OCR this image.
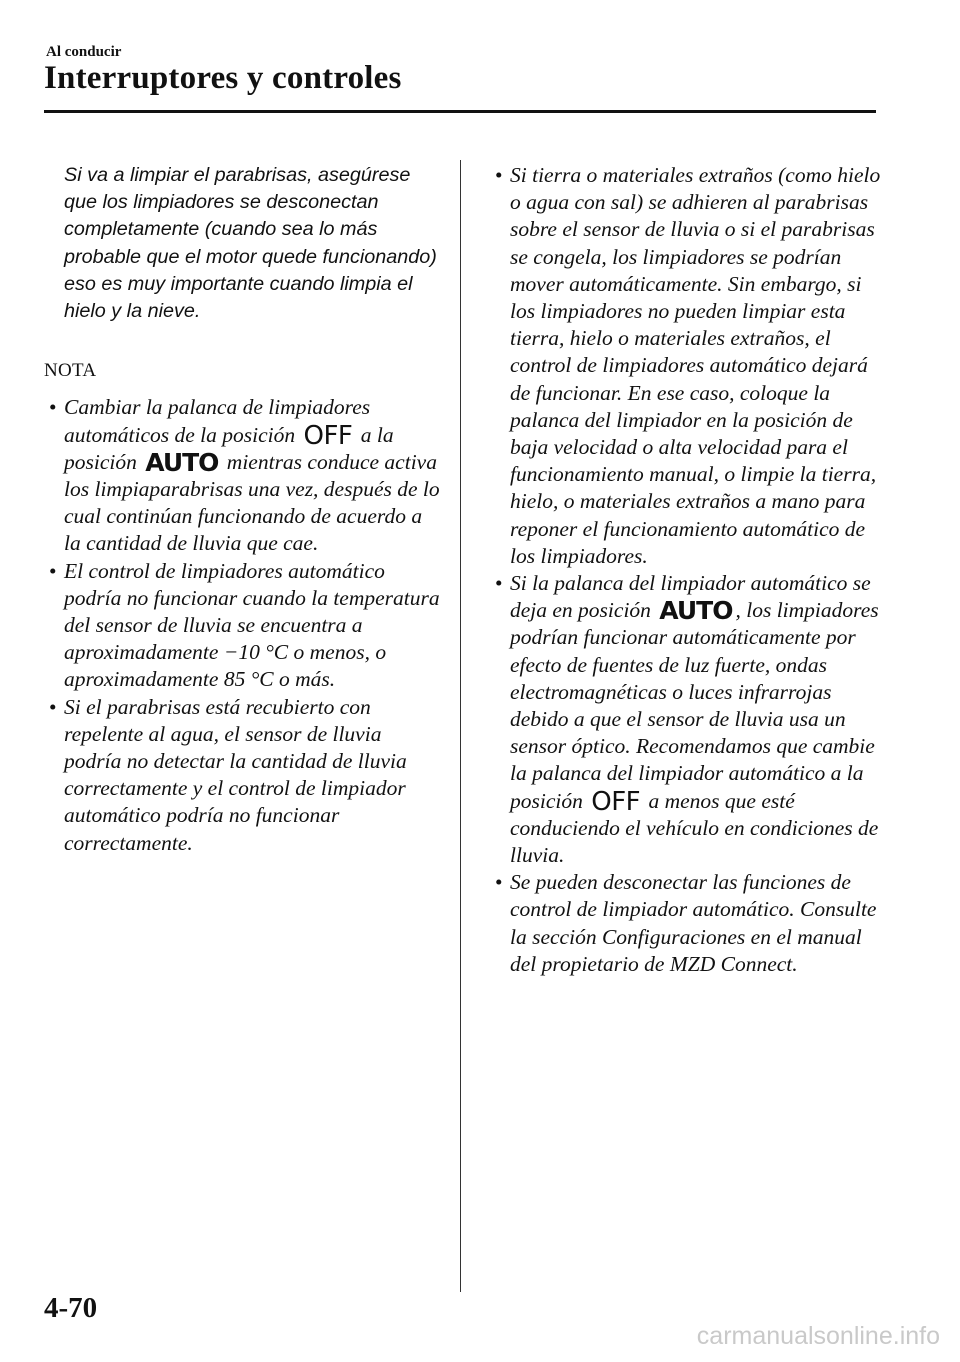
Al conducir
Interruptores y controles
Si va a limpiar el parabrisas, asegúrese que los limpiadores se desconectan completamente (cuando sea lo más probable que el motor quede funcionando) eso es muy importante cuando limpia el hielo y la nieve.
NOTA
• Cambiar la palanca de limpiadores automáticos de la posición OFF a la posición AUTO mientras conduce activa los limpiaparabrisas una vez, después de lo cual continúan funcionando de acuerdo a la cantidad de lluvia que cae.
• El control de limpiadores automático podría no funcionar cuando la temperatura del sensor de lluvia se encuentra a aproximadamente −10 °C o menos, o aproximadamente 85 °C o más.
• Si el parabrisas está recubierto con repelente al agua, el sensor de lluvia podría no detectar la cantidad de lluvia correctamente y el control de limpiador automático podría no funcionar correctamente.
• Si tierra o materiales extraños (como hielo o agua con sal) se adhieren al parabrisas sobre el sensor de lluvia o si el parabrisas se congela, los limpiadores se podrían mover automáticamente. Sin embargo, si los limpiadores no pueden limpiar esta tierra, hielo o materiales extraños, el control de limpiadores automático dejará de funcionar. En ese caso, coloque la palanca del limpiador en la posición de baja velocidad o alta velocidad para el funcionamiento manual, o limpie la tierra, hielo, o materiales extraños a mano para reponer el funcionamiento automático de los limpiadores.
• Si la palanca del limpiador automático se deja en posición AUTO , los limpiadores podrían funcionar automáticamente por efecto de fuentes de luz fuerte, ondas electromagnéticas o luces infrarrojas debido a que el sensor de lluvia usa un sensor óptico. Recomendamos que cambie la palanca del limpiador automático a la posición OFF a menos que esté conduciendo el vehículo en condiciones de lluvia.
• Se pueden desconectar las funciones de control de limpiador automático. Consulte la sección Configuraciones en el manual del propietario de MZD Connect.
4-70
carmanualsonline.info
